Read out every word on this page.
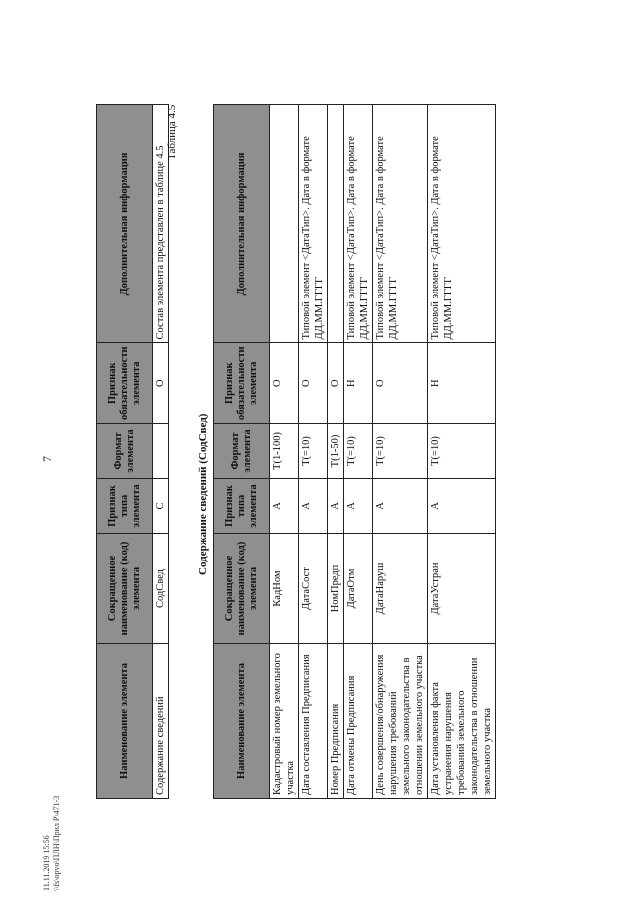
7
11.11.2019 15:56 \\fs\opvo\ПЛН\Прил Р\471-3
Наименование элемента	Сокращенное наименование (код) элемента	Признак типа элемента	Формат элемента	Признак обязательности элемента	Дополнительная информация
Содержание сведений	СодСвед	С		О	Состав элемента представлен в таблице 4.5
Таблица 4.5
Содержание сведений (СодСвед)
Наименование элемента	Сокращенное наименование (код) элемента	Признак типа элемента	Формат элемента	Признак обязательности элемента	Дополнительная информация
Кадастровый номер земельного участка	КадНом	А	Т(1-100)	О	
Дата составления Предписания	ДатаСост	А	Т(=10)	О	Типовой элемент <ДатаТип>. Дата в формате ДД.ММ.ГГГГ
Номер Предписания	НомПредп	А	Т(1-50)	О	
Дата отмены Предписания	ДатаОтм	А	Т(=10)	Н	Типовой элемент <ДатаТип>. Дата в формате ДД.ММ.ГГГГ
День совершения/обнаружения нарушения требований земельного законодательства в отношении земельного участка	ДатаНаруш	А	Т(=10)	О	Типовой элемент <ДатаТип>. Дата в формате ДД.ММ.ГГГГ
Дата установления факта устранения нарушения требований земельного законодательства в отношении земельного участка	ДатаУстран	А	Т(=10)	Н	Типовой элемент <ДатаТип>. Дата в формате ДД.ММ.ГГГГ
